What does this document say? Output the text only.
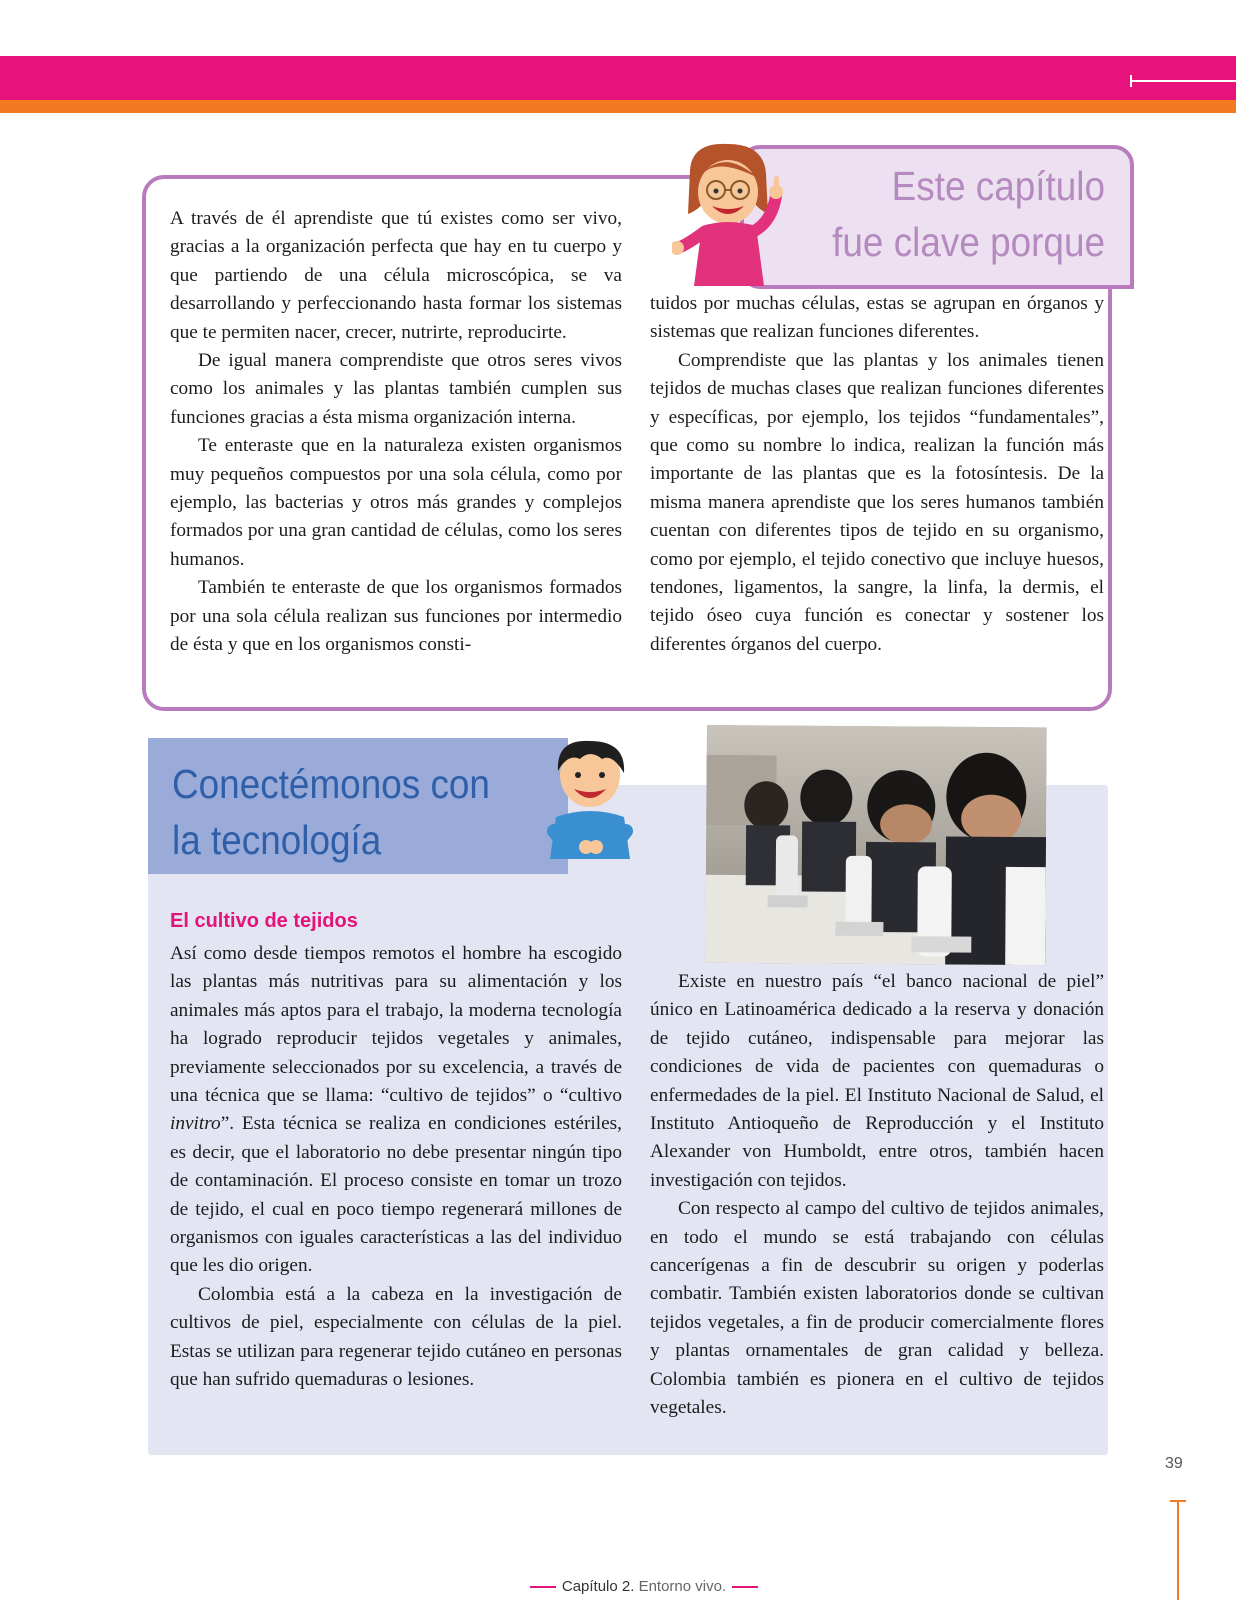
Este capítulo
fue clave porque

A través de él aprendiste que tú existes como ser vivo, gracias a la organización perfecta que hay en tu cuerpo y que partiendo de una célula microscópica, se va desarrollando y perfeccionando hasta formar los sistemas que te permiten nacer, crecer, nutrirte, reproducirte.

De igual manera comprendiste que otros seres vivos como los animales y las plantas también cumplen sus funciones gracias a ésta misma organización interna.

Te enteraste que en la naturaleza existen organismos muy pequeños compuestos por una sola célula, como por ejemplo, las bacterias y otros más grandes y complejos formados por una gran cantidad de células, como los seres humanos.

También te enteraste de que los organismos formados por una sola célula realizan sus funciones por intermedio de ésta y que en los organismos consti-

tuidos por muchas células, estas se agrupan en órganos y sistemas que realizan funciones diferentes.

Comprendiste que las plantas y los animales tienen tejidos de muchas clases que realizan funciones diferentes y específicas, por ejemplo, los tejidos “fundamentales”, que como su nombre lo indica, realizan la función más importante de las plantas que es la fotosíntesis. De la misma manera aprendiste que los seres humanos también cuentan con diferentes tipos de tejido en su organismo, como por ejemplo, el tejido conectivo que incluye huesos, tendones, ligamentos, la sangre, la linfa, la dermis, el tejido óseo cuya función es conectar y sostener los diferentes órganos del cuerpo.

Conectémonos con
la tecnología
El cultivo de tejidos

Así como desde tiempos remotos el hombre ha escogido las plantas más nutritivas para su alimentación y los animales más aptos para el trabajo, la moderna tecnología ha logrado reproducir tejidos vegetales y animales, previamente seleccionados por su excelencia, a través de una técnica que se llama: “cultivo de tejidos” o “cultivo invitro”. Esta técnica se realiza en condiciones estériles, es decir, que el laboratorio no debe presentar ningún tipo de contaminación. El proceso consiste en tomar un trozo de tejido, el cual en poco tiempo regenerará millones de organismos con iguales características a las del individuo que les dio origen.

Colombia está a la cabeza en la investigación de cultivos de piel, especialmente con células de la piel. Estas se utilizan para regenerar tejido cutáneo en personas que han sufrido quemaduras o lesiones.

Existe en nuestro país “el banco nacional de piel” único en Latinoamérica dedicado a la reserva y donación de tejido cutáneo, indispensable para mejorar las condiciones de vida de pacientes con quemaduras o enfermedades de la piel. El Instituto Nacional de Salud, el Instituto Antioqueño de Reproducción y el Instituto Alexander von Humboldt, entre otros, también hacen investigación con tejidos.

Con respecto al campo del cultivo de tejidos animales, en todo el mundo se está trabajando con células cancerígenas a fin de descubrir su origen y poderlas combatir. También existen laboratorios donde se cultivan tejidos vegetales, a fin de producir comercialmente flores y plantas ornamentales de gran calidad y belleza. Colombia también es pionera en el cultivo de tejidos vegetales.

39
Capítulo 2. Entorno vivo.
